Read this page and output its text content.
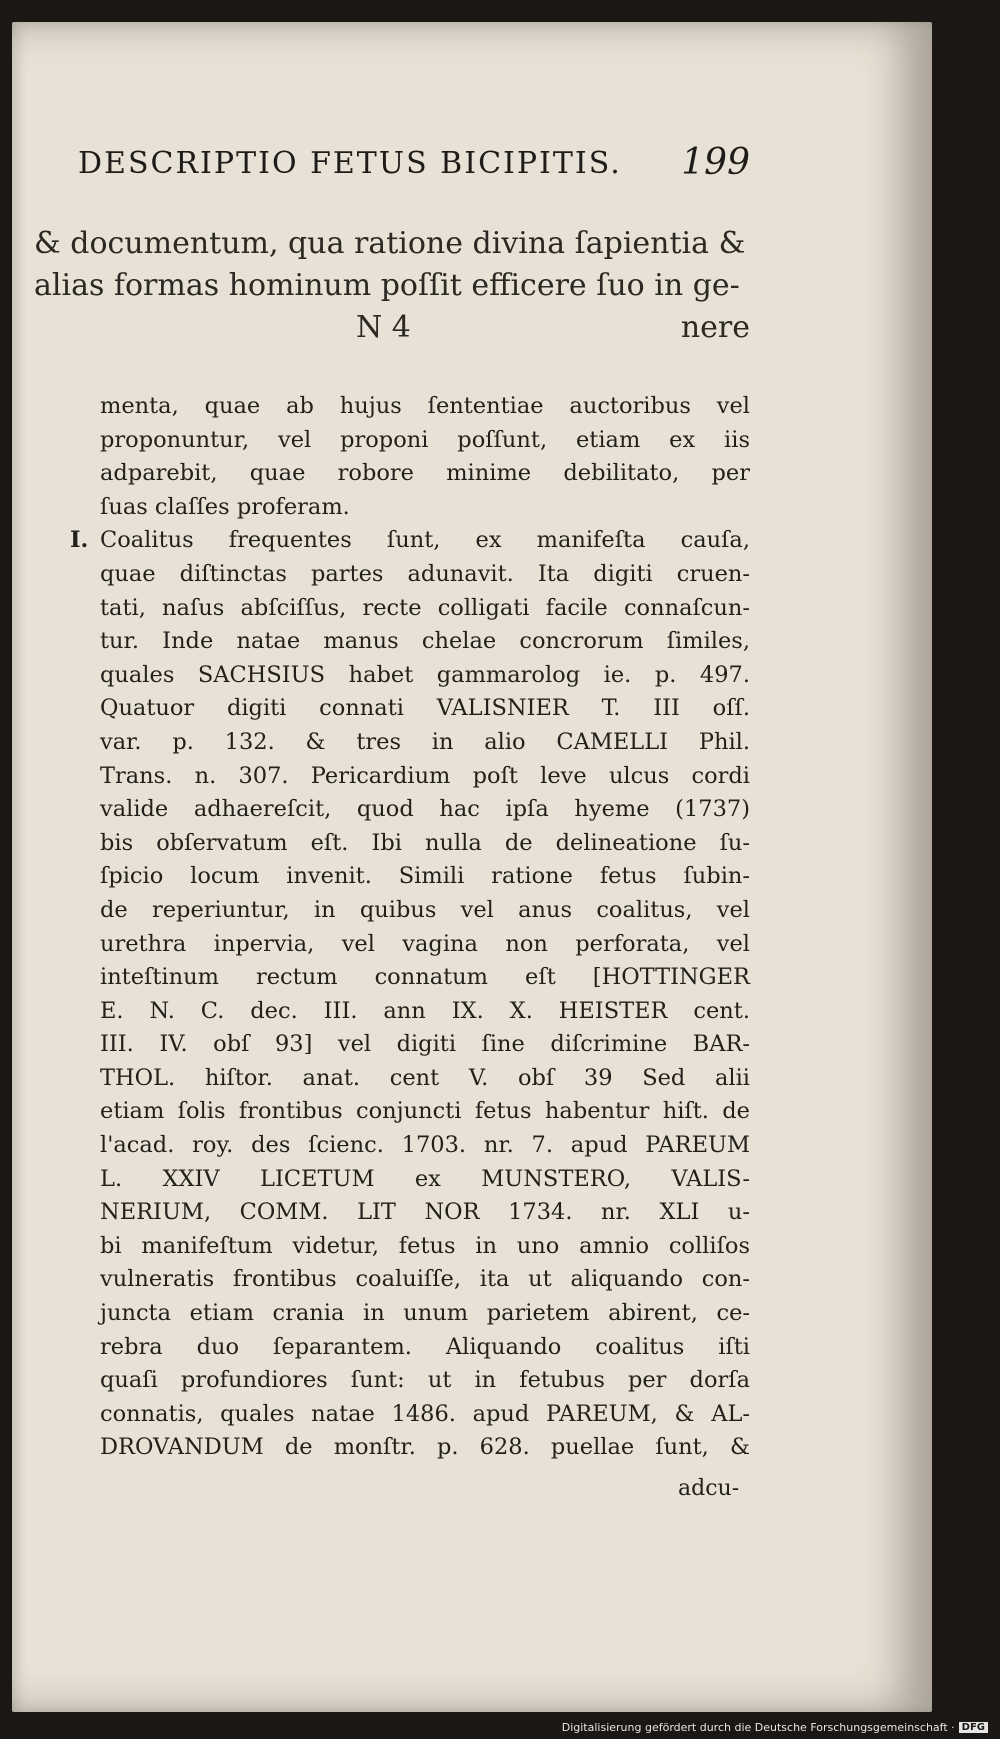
DESCRIPTIO FETUS BICIPITIS. 199
& documentum, qua ratione divina ſapientia &
alias formas hominum poſſit efficere ſuo in ge-
N 4	nere
menta, quae ab hujus ſententiae auctoribus vel
proponuntur, vel proponi poſſunt, etiam ex iis
adparebit, quae robore minime debilitato, per
ſuas claſſes proferam.
I. Coalitus frequentes ſunt, ex manifeſta cauſa,
quae diſtinctas partes adunavit. Ita digiti cruen-
tati, naſus abſciſſus, recte colligati facile connaſcun-
tur. Inde natae manus chelae concrorum ſimiles,
quales SACHSIUS habet gammarolog ie. p. 497.
Quatuor digiti connati VALISNIER T. III oſſ.
var. p. 132. & tres in alio CAMELLI Phil.
Trans. n. 307. Pericardium poſt leve ulcus cordi
valide adhaereſcit, quod hac ipſa hyeme (1737)
bis obſervatum eſt. Ibi nulla de delineatione ſu-
ſpicio locum invenit. Simili ratione fetus ſubin-
de reperiuntur, in quibus vel anus coalitus, vel
urethra inpervia, vel vagina non perforata, vel
inteſtinum rectum connatum eſt [HOTTINGER
E. N. C. dec. III. ann IX. X. HEISTER cent.
III. IV. obſ 93] vel digiti ſine diſcrimine BAR-
THOL. hiſtor. anat. cent V. obſ 39 Sed alii
etiam ſolis frontibus conjuncti fetus habentur hiſt. de
l'acad. roy. des ſcienc. 1703. nr. 7. apud PAREUM
L. XXIV LICETUM ex MUNSTERO, VALIS-
NERIUM, COMM. LIT NOR 1734. nr. XLI u-
bi manifeſtum videtur, fetus in uno amnio colliſos
vulneratis frontibus coaluiſſe, ita ut aliquando con-
juncta etiam crania in unum parietem abirent, ce-
rebra duo ſeparantem. Aliquando coalitus iſti
quaſi profundiores ſunt: ut in fetubus per dorſa
connatis, quales natae 1486. apud PAREUM, & AL-
DROVANDUM de monſtr. p. 628. puellae ſunt, &
adcu-
Digitalisierung gefördert durch die Deutsche Forschungsgemeinschaft · DFG
